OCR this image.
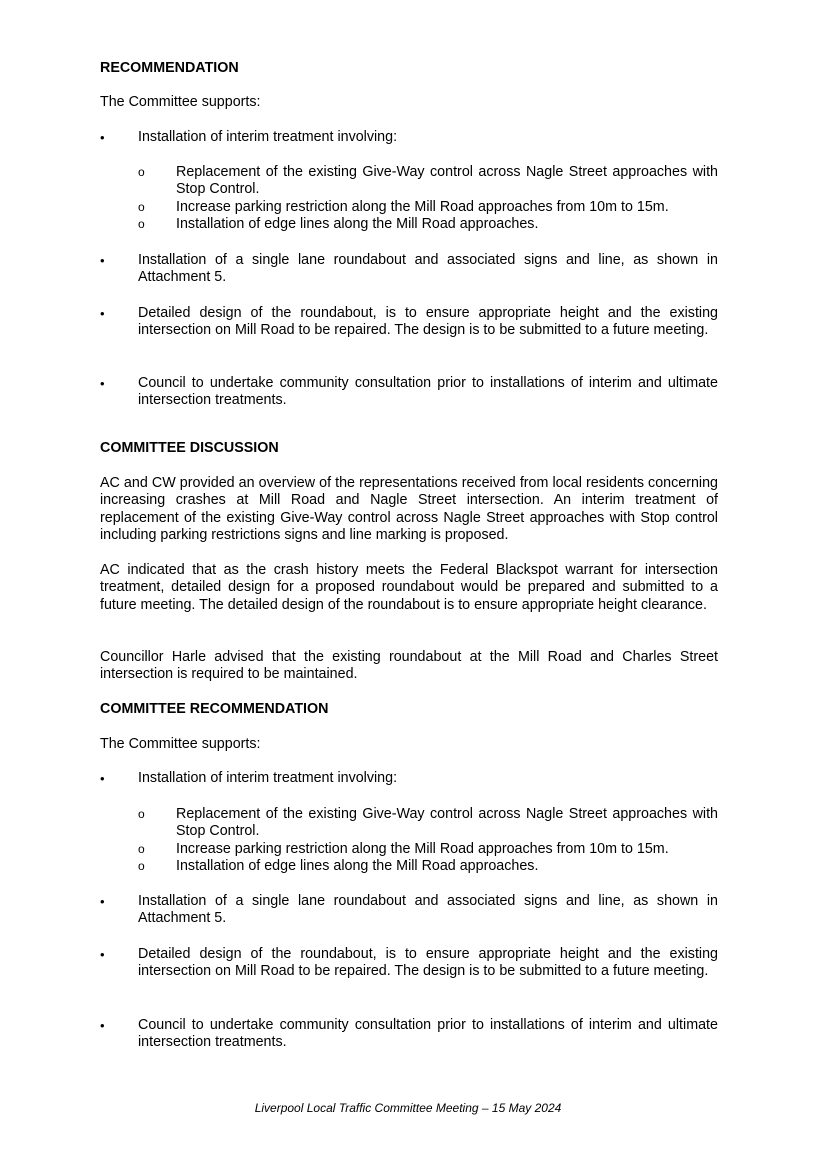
RECOMMENDATION

The Committee supports:

•	Installation of interim treatment involving:
o	Replacement of the existing Give-Way control across Nagle Street approaches with Stop Control.
o	Increase parking restriction along the Mill Road approaches from 10m to 15m.
o	Installation of edge lines along the Mill Road approaches.
•	Installation of a single lane roundabout and associated signs and line, as shown in Attachment 5.
•	Detailed design of the roundabout, is to ensure appropriate height and the existing intersection on Mill Road to be repaired. The design is to be submitted to a future meeting.
•	Council to undertake community consultation prior to installations of interim and ultimate intersection treatments.
COMMITTEE DISCUSSION

AC and CW provided an overview of the representations received from local residents concerning increasing crashes at Mill Road and Nagle Street intersection. An interim treatment of replacement of the existing Give-Way control across Nagle Street approaches with Stop control including parking restrictions signs and line marking is proposed.

AC indicated that as the crash history meets the Federal Blackspot warrant for intersection treatment, detailed design for a proposed roundabout would be prepared and submitted to a future meeting. The detailed design of the roundabout is to ensure appropriate height clearance.

Councillor Harle advised that the existing roundabout at the Mill Road and Charles Street intersection is required to be maintained.

COMMITTEE RECOMMENDATION

The Committee supports:

•	Installation of interim treatment involving:
o	Replacement of the existing Give-Way control across Nagle Street approaches with Stop Control.
o	Increase parking restriction along the Mill Road approaches from 10m to 15m.
o	Installation of edge lines along the Mill Road approaches.
•	Installation of a single lane roundabout and associated signs and line, as shown in Attachment 5.
•	Detailed design of the roundabout, is to ensure appropriate height and the existing intersection on Mill Road to be repaired. The design is to be submitted to a future meeting.
•	Council to undertake community consultation prior to installations of interim and ultimate intersection treatments.
Liverpool Local Traffic Committee Meeting – 15 May 2024
